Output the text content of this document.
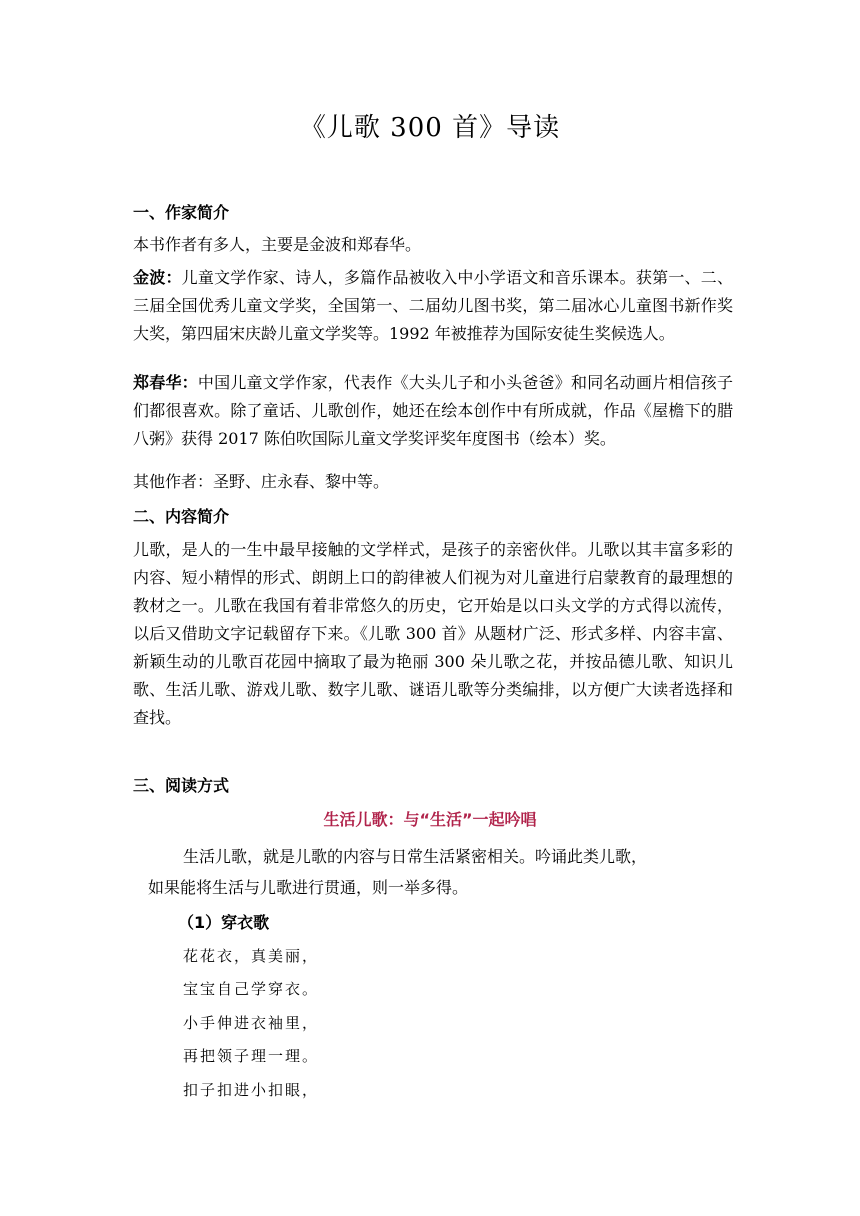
《儿歌 300 首》导读
一、作家简介
本书作者有多人，主要是金波和郑春华。
金波：儿童文学作家、诗人，多篇作品被收入中小学语文和音乐课本。获第一、二、三届全国优秀儿童文学奖，全国第一、二届幼儿图书奖，第二届冰心儿童图书新作奖大奖，第四届宋庆龄儿童文学奖等。1992 年被推荐为国际安徒生奖候选人。
郑春华：中国儿童文学作家，代表作《大头儿子和小头爸爸》和同名动画片相信孩子们都很喜欢。除了童话、儿歌创作，她还在绘本创作中有所成就，作品《屋檐下的腊八粥》获得 2017 陈伯吹国际儿童文学奖评奖年度图书（绘本）奖。
其他作者：圣野、庄永春、黎中等。
二、内容简介
儿歌，是人的一生中最早接触的文学样式，是孩子的亲密伙伴。儿歌以其丰富多彩的内容、短小精悍的形式、朗朗上口的韵律被人们视为对儿童进行启蒙教育的最理想的教材之一。儿歌在我国有着非常悠久的历史，它开始是以口头文学的方式得以流传，以后又借助文字记载留存下来。《儿歌 300 首》从题材广泛、形式多样、内容丰富、新颖生动的儿歌百花园中摘取了最为艳丽 300 朵儿歌之花，并按品德儿歌、知识儿歌、生活儿歌、游戏儿歌、数字儿歌、谜语儿歌等分类编排，以方便广大读者选择和查找。
三、阅读方式
生活儿歌：与“生活”一起吟唱
生活儿歌，就是儿歌的内容与日常生活紧密相关。吟诵此类儿歌，
如果能将生活与儿歌进行贯通，则一举多得。
（1）穿衣歌
花花衣，真美丽，
宝宝自己学穿衣。
小手伸进衣袖里，
再把领子理一理。
扣子扣进小扣眼，
